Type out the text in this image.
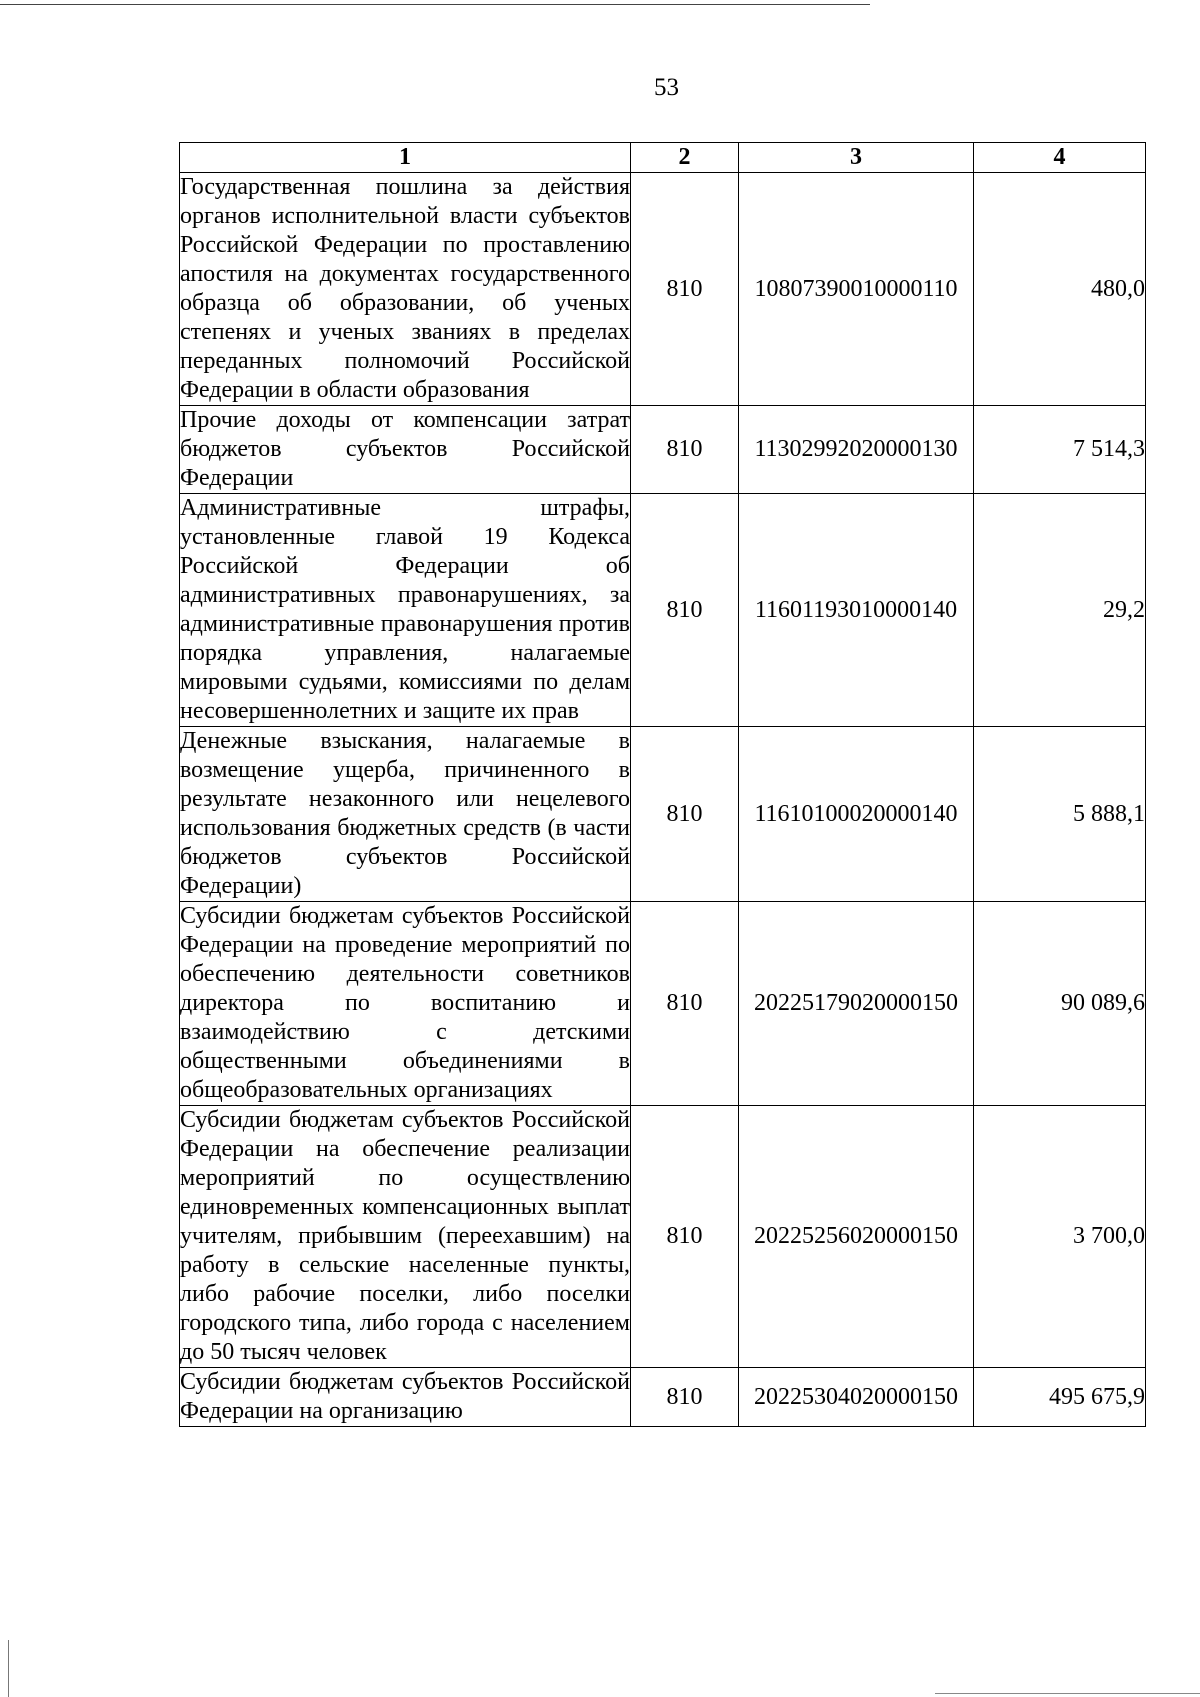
53
1	2	3	4
Государственная пошлина за действия органов исполнительной власти субъектов Российской Федерации по проставлению апостиля на документах государственного образца об образовании, об ученых степенях и ученых званиях в пределах переданных полномочий Российской Федерации в области образования	810	10807390010000110	480,0
Прочие доходы от компенсации затрат бюджетов субъектов Российской Федерации	810	11302992020000130	7 514,3
Административные штрафы, установленные главой 19 Кодекса Российской Федерации об административных правонарушениях, за административные правонарушения против порядка управления, налагаемые мировыми судьями, комиссиями по делам несовершеннолетних и защите их прав	810	11601193010000140	29,2
Денежные взыскания, налагаемые в возмещение ущерба, причиненного в результате незаконного или нецелевого использования бюджетных средств (в части бюджетов субъектов Российской Федерации)	810	11610100020000140	5 888,1
Субсидии бюджетам субъектов Российской Федерации на проведение мероприятий по обеспечению деятельности советников директора по воспитанию и взаимодействию с детскими общественными объединениями в общеобразовательных организациях	810	20225179020000150	90 089,6
Субсидии бюджетам субъектов Российской Федерации на обеспечение реализации мероприятий по осуществлению единовременных компенсационных выплат учителям, прибывшим (переехавшим) на работу в сельские населенные пункты, либо рабочие поселки, либо поселки городского типа, либо города с населением до 50 тысяч человек	810	20225256020000150	3 700,0
Субсидии бюджетам субъектов Российской Федерации на организацию	810	20225304020000150	495 675,9
